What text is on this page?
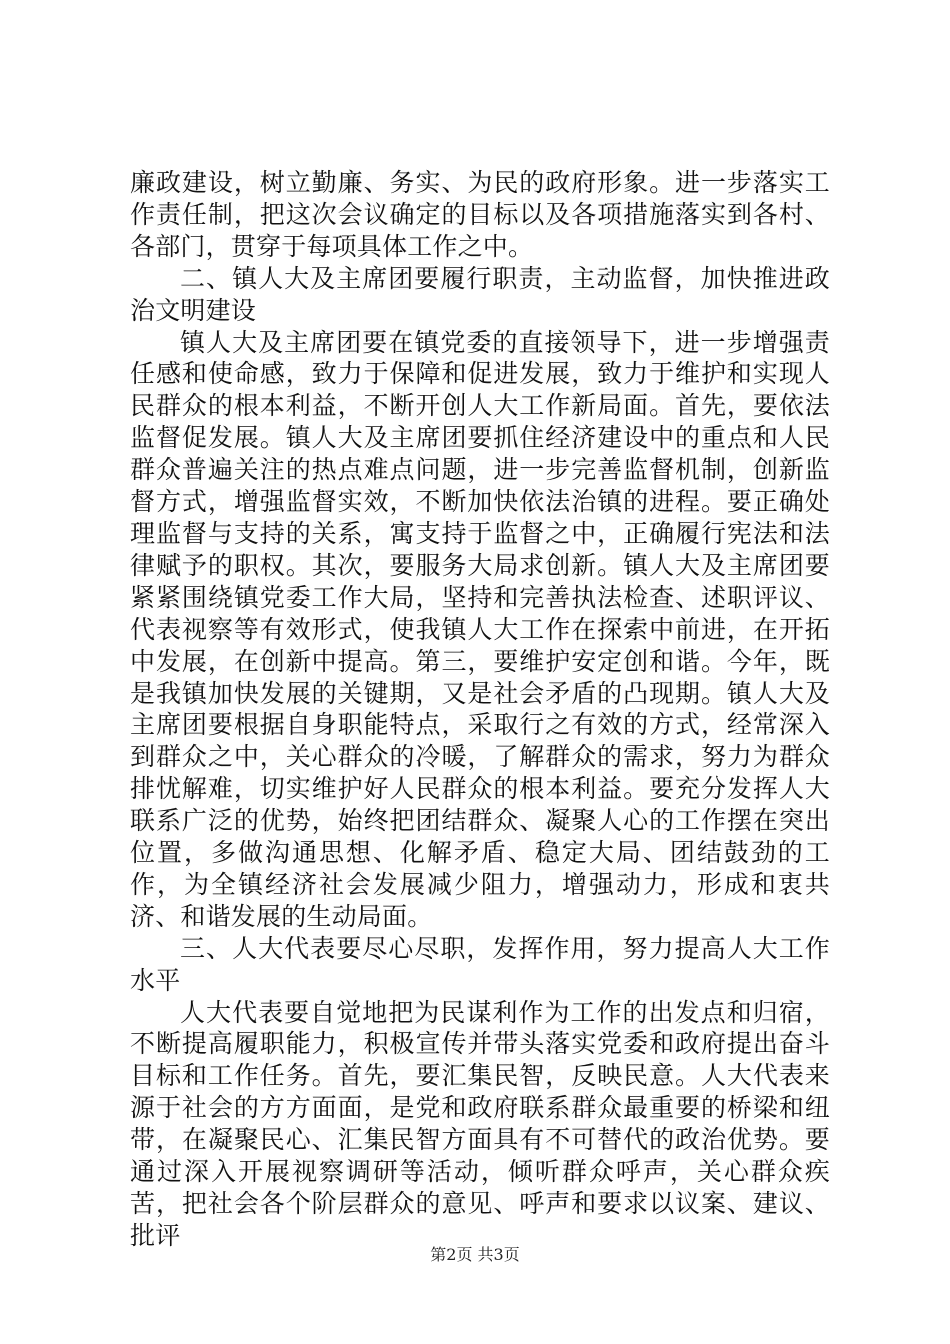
廉政建设，树立勤廉、务实、为民的政府形象。进一步落实工作责任制，把这次会议确定的目标以及各项措施落实到各村、各部门，贯穿于每项具体工作之中。

二、镇人大及主席团要履行职责，主动监督，加快推进政治文明建设

镇人大及主席团要在镇党委的直接领导下，进一步增强责任感和使命感，致力于保障和促进发展，致力于维护和实现人民群众的根本利益，不断开创人大工作新局面。首先，要依法监督促发展。镇人大及主席团要抓住经济建设中的重点和人民群众普遍关注的热点难点问题，进一步完善监督机制，创新监督方式，增强监督实效，不断加快依法治镇的进程。要正确处理监督与支持的关系，寓支持于监督之中，正确履行宪法和法律赋予的职权。其次，要服务大局求创新。镇人大及主席团要紧紧围绕镇党委工作大局，坚持和完善执法检查、述职评议、代表视察等有效形式，使我镇人大工作在探索中前进，在开拓中发展，在创新中提高。第三，要维护安定创和谐。今年，既是我镇加快发展的关键期，又是社会矛盾的凸现期。镇人大及主席团要根据自身职能特点，采取行之有效的方式，经常深入到群众之中，关心群众的冷暖，了解群众的需求，努力为群众排忧解难，切实维护好人民群众的根本利益。要充分发挥人大联系广泛的优势，始终把团结群众、凝聚人心的工作摆在突出位置，多做沟通思想、化解矛盾、稳定大局、团结鼓劲的工作，为全镇经济社会发展减少阻力，增强动力，形成和衷共济、和谐发展的生动局面。

三、人大代表要尽心尽职，发挥作用，努力提高人大工作水平

人大代表要自觉地把为民谋利作为工作的出发点和归宿，不断提高履职能力，积极宣传并带头落实党委和政府提出奋斗目标和工作任务。首先，要汇集民智，反映民意。人大代表来源于社会的方方面面，是党和政府联系群众最重要的桥梁和纽带，在凝聚民心、汇集民智方面具有不可替代的政治优势。要通过深入开展视察调研等活动，倾听群众呼声，关心群众疾苦，把社会各个阶层群众的意见、呼声和要求以议案、建议、批评

第2页 共3页
